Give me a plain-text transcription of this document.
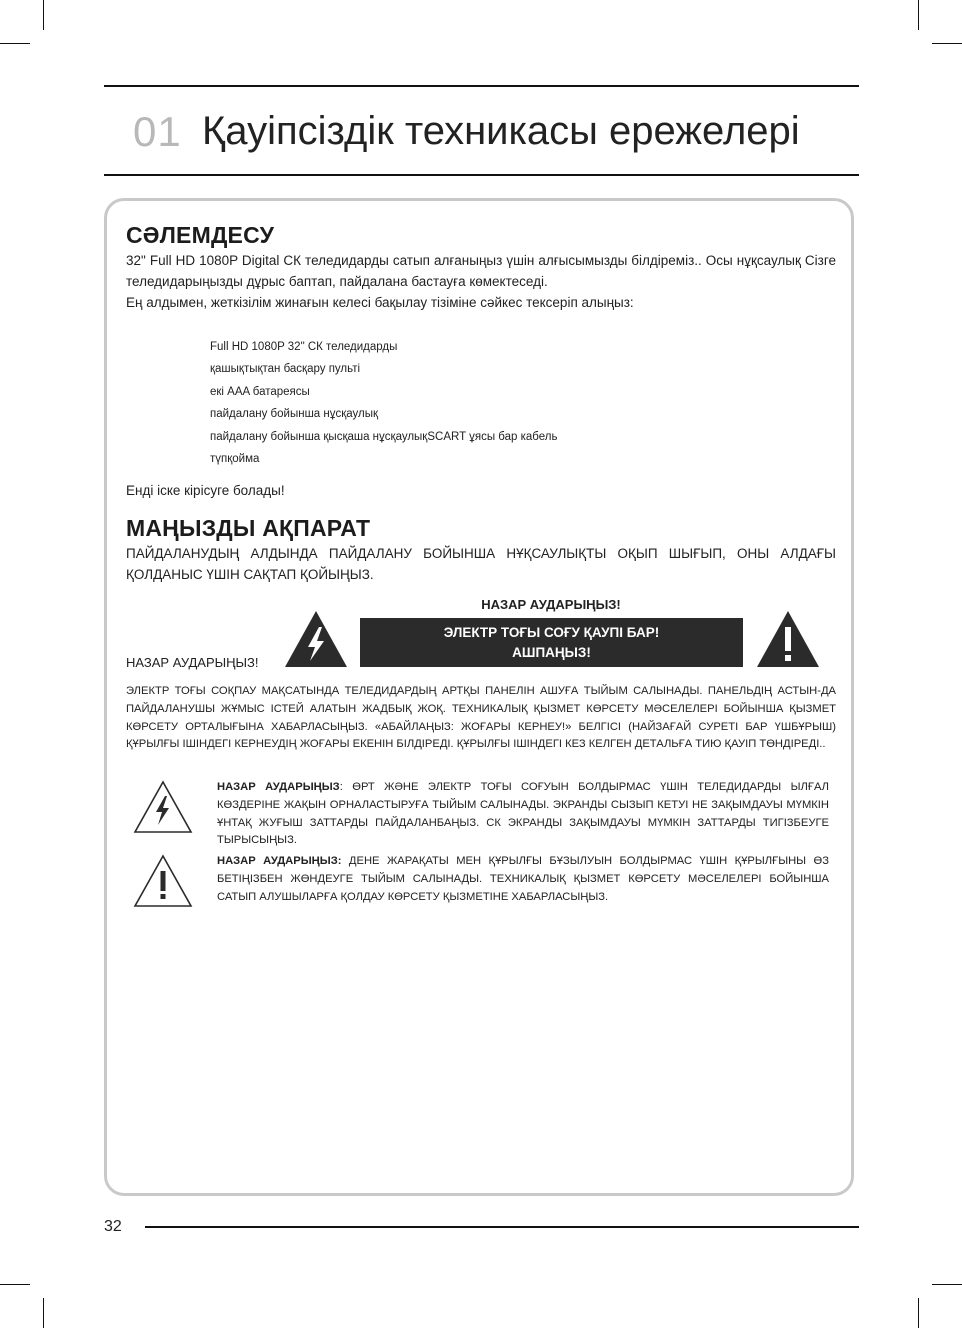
01 Қауіпсіздік техникасы ережелері
СӘЛЕМДЕСУ

32" Full HD 1080P Digital СК теледидарды сатып алғаныңыз үшін алғысымызды білдіреміз.. Осы нұқсаулық Сізге теледидарыңызды дұрыс баптап, пайдалана бастауға көмектеседі.

Ең алдымен, жеткізілім жинағын келесі бақылау тізіміне сәйкес тексеріп алыңыз:

Full HD 1080P 32" СК теледидарды
қашықтықтан басқару пульті
екі AAA батареясы
пайдалану бойынша нұсқаулық
пайдалану бойынша қысқаша нұсқаулықSCART ұясы бар кабель
түпқойма

Енді іске кірісуге болады!

МАҢЫЗДЫ АҚПАРАТ

ПАЙДАЛАНУДЫҢ АЛДЫНДА ПАЙДАЛАНУ БОЙЫНША НҰҚСАУЛЫҚТЫ ОҚЫП ШЫҒЫП, ОНЫ АЛДАҒЫ ҚОЛДАНЫС ҮШІН САҚТАП ҚОЙЫҢЫЗ.

НАЗАР АУДАРЫҢЫЗ!
НАЗАР АУДАРЫҢЫЗ!
ЭЛЕКТР ТОҒЫ СОҒУ ҚАУПІ БАР!
АШПАҢЫЗ!

ЭЛЕКТР ТОҒЫ СОҚПАУ МАҚСАТЫНДА ТЕЛЕДИДАРДЫҢ АРТҚЫ ПАНЕЛІН АШУҒА ТЫЙЫМ САЛЫНАДЫ. ПАНЕЛЬДІҢ АСТЫН-ДА ПАЙДАЛАНУШЫ ЖҰМЫС ІСТЕЙ АЛАТЫН ЖАДБЫҚ ЖОҚ. ТЕХНИКАЛЫҚ ҚЫЗМЕТ КӨРСЕТУ МӘСЕЛЕЛЕРІ БОЙЫНША ҚЫЗМЕТ КӨРСЕТУ ОРТАЛЫҒЫНА ХАБАРЛАСЫҢЫЗ. «АБАЙЛАҢЫЗ: ЖОҒАРЫ КЕРНЕУ!» БЕЛГІСІ (НАЙЗАҒАЙ СУРЕТІ БАР ҮШБҰРЫШ) ҚҰРЫЛҒЫ ІШІНДЕГІ КЕРНЕУДІҢ ЖОҒАРЫ ЕКЕНІН БІЛДІРЕДІ. ҚҰРЫЛҒЫ ІШІНДЕГІ КЕЗ КЕЛГЕН ДЕТАЛЬҒА ТИЮ ҚАУІП ТӨНДІРЕДІ..

НАЗАР АУДАРЫҢЫЗ: ӨРТ ЖӘНЕ ЭЛЕКТР ТОҒЫ СОҒУЫН БОЛДЫРМАС ҮШІН ТЕЛЕДИДАРДЫ ЫЛҒАЛ КӨЗДЕРІНЕ ЖАҚЫН ОРНАЛАСТЫРУҒА ТЫЙЫМ САЛЫНАДЫ. ЭКРАНДЫ СЫЗЫП КЕТУІ НЕ ЗАҚЫМДАУЫ МҮМКІН ҰНТАҚ ЖУҒЫШ ЗАТТАРДЫ ПАЙДАЛАНБАҢЫЗ. СК ЭКРАНДЫ ЗАҚЫМДАУЫ МҮМКІН ЗАТТАРДЫ ТИГІЗБЕУГЕ ТЫРЫСЫҢЫЗ.

НАЗАР АУДАРЫҢЫЗ: ДЕНЕ ЖАРАҚАТЫ МЕН ҚҰРЫЛҒЫ БҰЗЫЛУЫН БОЛДЫРМАС ҮШІН ҚҰРЫЛҒЫНЫ ӨЗ БЕТІҢІЗБЕН ЖӨНДЕУГЕ ТЫЙЫМ САЛЫНАДЫ. ТЕХНИКАЛЫҚ ҚЫЗМЕТ КӨРСЕТУ МӘСЕЛЕЛЕРІ БОЙЫНША САТЫП АЛУШЫЛАРҒА ҚОЛДАУ КӨРСЕТУ ҚЫЗМЕТІНЕ ХАБАРЛАСЫҢЫЗ.

32
